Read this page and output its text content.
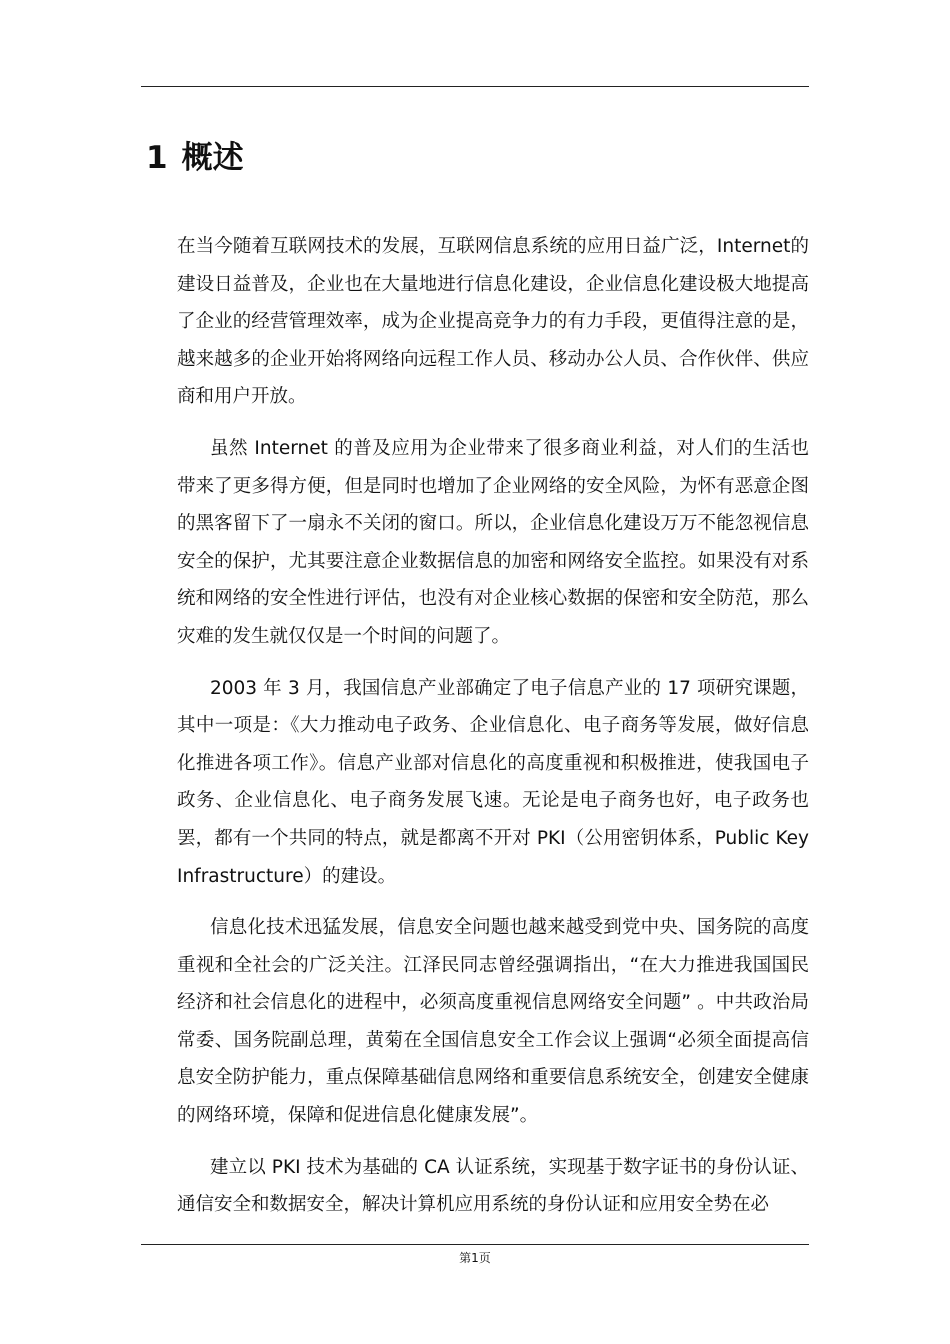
1 概述

在当今随着互联网技术的发展，互联网信息系统的应用日益广泛，Internet的建设日益普及，企业也在大量地进行信息化建设，企业信息化建设极大地提高了企业的经营管理效率，成为企业提高竞争力的有力手段，更值得注意的是，越来越多的企业开始将网络向远程工作人员、移动办公人员、合作伙伴、供应商和用户开放。

虽然 Internet 的普及应用为企业带来了很多商业利益，对人们的生活也带来了更多得方便，但是同时也增加了企业网络的安全风险，为怀有恶意企图的黑客留下了一扇永不关闭的窗口。所以，企业信息化建设万万不能忽视信息安全的保护，尤其要注意企业数据信息的加密和网络安全监控。如果没有对系统和网络的安全性进行评估，也没有对企业核心数据的保密和安全防范，那么灾难的发生就仅仅是一个时间的问题了。

2003 年 3 月，我国信息产业部确定了电子信息产业的 17 项研究课题，其中一项是：《大力推动电子政务、企业信息化、电子商务等发展，做好信息化推进各项工作》。信息产业部对信息化的高度重视和积极推进，使我国电子政务、企业信息化、电子商务发展飞速。无论是电子商务也好，电子政务也罢，都有一个共同的特点，就是都离不开对 PKI（公用密钥体系，Public Key Infrastructure）的建设。

信息化技术迅猛发展，信息安全问题也越来越受到党中央、国务院的高度重视和全社会的广泛关注。江泽民同志曾经强调指出，“在大力推进我国国民经济和社会信息化的进程中，必须高度重视信息网络安全问题” 。中共政治局常委、国务院副总理，黄菊在全国信息安全工作会议上强调“必须全面提高信息安全防护能力，重点保障基础信息网络和重要信息系统安全，创建安全健康的网络环境，保障和促进信息化健康发展”。

建立以 PKI 技术为基础的 CA 认证系统，实现基于数字证书的身份认证、通信安全和数据安全，解决计算机应用系统的身份认证和应用安全势在必

第1页
